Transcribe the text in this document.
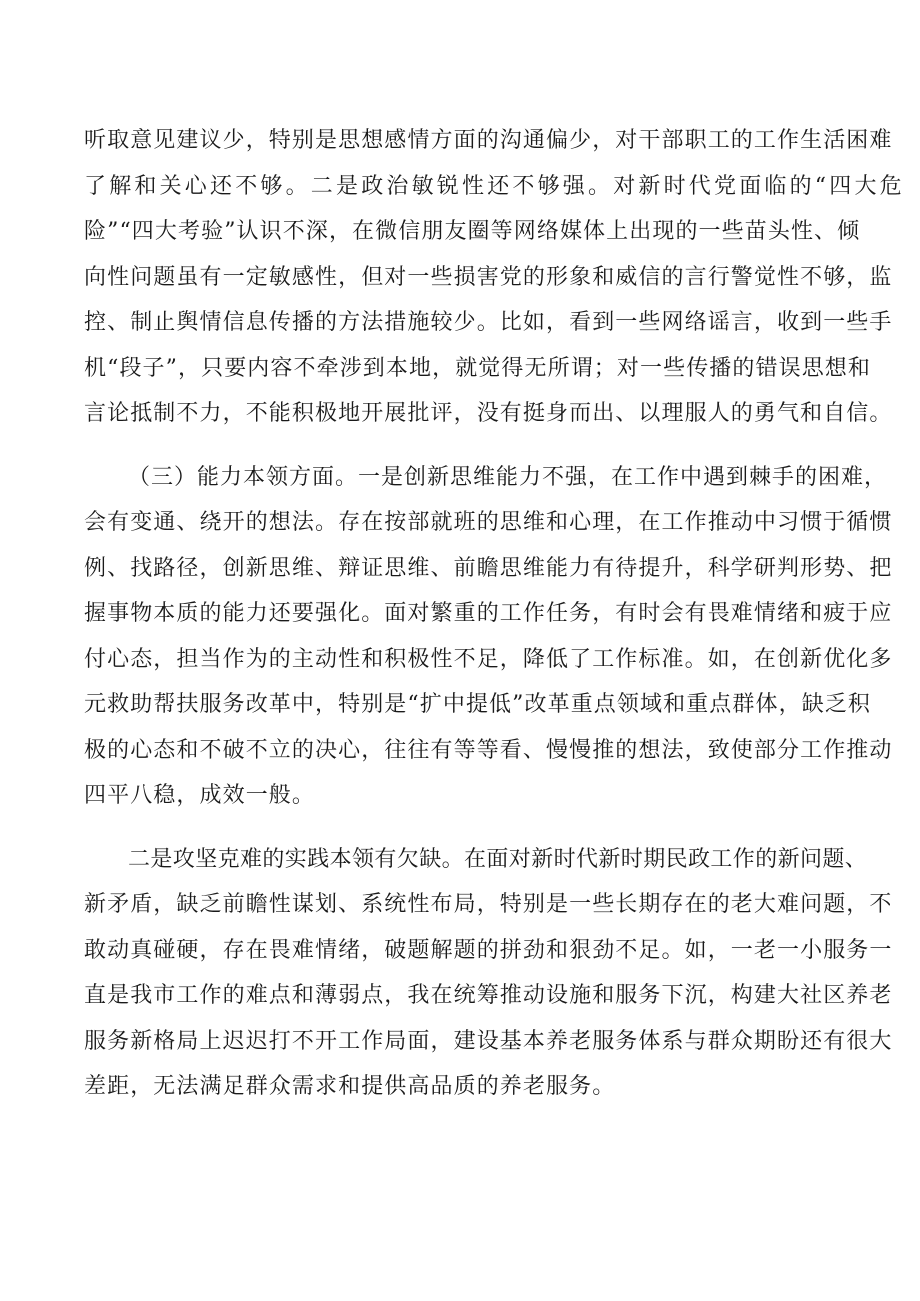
听取意见建议少，特别是思想感情方面的沟通偏少，对干部职工的工作生活困难
了解和关心还不够。二是政治敏锐性还不够强。对新时代党面临的“四大危
险”“四大考验”认识不深，在微信朋友圈等网络媒体上出现的一些苗头性、倾
向性问题虽有一定敏感性，但对一些损害党的形象和威信的言行警觉性不够，监
控、制止舆情信息传播的方法措施较少。比如，看到一些网络谣言，收到一些手
机“段子”，只要内容不牵涉到本地，就觉得无所谓；对一些传播的错误思想和
言论抵制不力，不能积极地开展批评，没有挺身而出、以理服人的勇气和自信。
（三）能力本领方面。一是创新思维能力不强，在工作中遇到棘手的困难，
会有变通、绕开的想法。存在按部就班的思维和心理，在工作推动中习惯于循惯
例、找路径，创新思维、辩证思维、前瞻思维能力有待提升，科学研判形势、把
握事物本质的能力还要强化。面对繁重的工作任务，有时会有畏难情绪和疲于应
付心态，担当作为的主动性和积极性不足，降低了工作标准。如，在创新优化多
元救助帮扶服务改革中，特别是“扩中提低”改革重点领域和重点群体，缺乏积
极的心态和不破不立的决心，往往有等等看、慢慢推的想法，致使部分工作推动
四平八稳，成效一般。
二是攻坚克难的实践本领有欠缺。在面对新时代新时期民政工作的新问题、
新矛盾，缺乏前瞻性谋划、系统性布局，特别是一些长期存在的老大难问题，不
敢动真碰硬，存在畏难情绪，破题解题的拼劲和狠劲不足。如，一老一小服务一
直是我市工作的难点和薄弱点，我在统筹推动设施和服务下沉，构建大社区养老
服务新格局上迟迟打不开工作局面，建设基本养老服务体系与群众期盼还有很大
差距，无法满足群众需求和提供高品质的养老服务。
